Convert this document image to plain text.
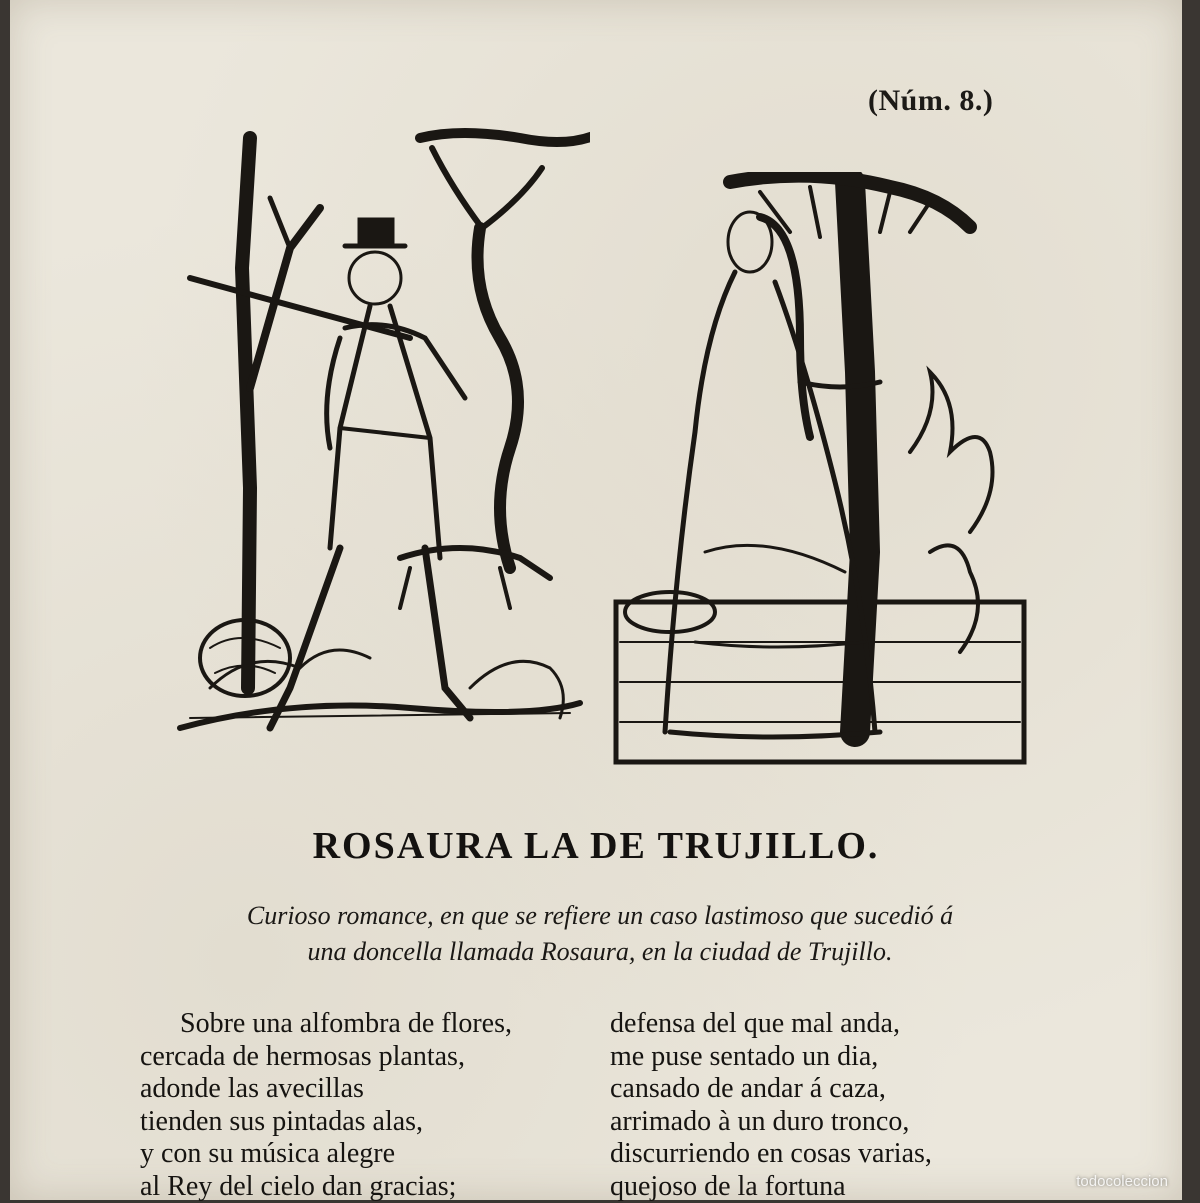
(Núm. 8.)
ROSAURA LA DE TRUJILLO.
Curioso romance, en que se refiere un caso lastimoso que sucedió á
una doncella llamada Rosaura, en la ciudad de Trujillo.
Sobre una alfombra de flores,
cercada de hermosas plantas,
adonde las avecillas
tienden sus pintadas alas,
y con su música alegre
al Rey del cielo dan gracias;
defensa del que mal anda,
me puse sentado un dia,
cansado de andar á caza,
arrimado à un duro tronco,
discurriendo en cosas varias,
quejoso de la fortuna	todocoleccion
